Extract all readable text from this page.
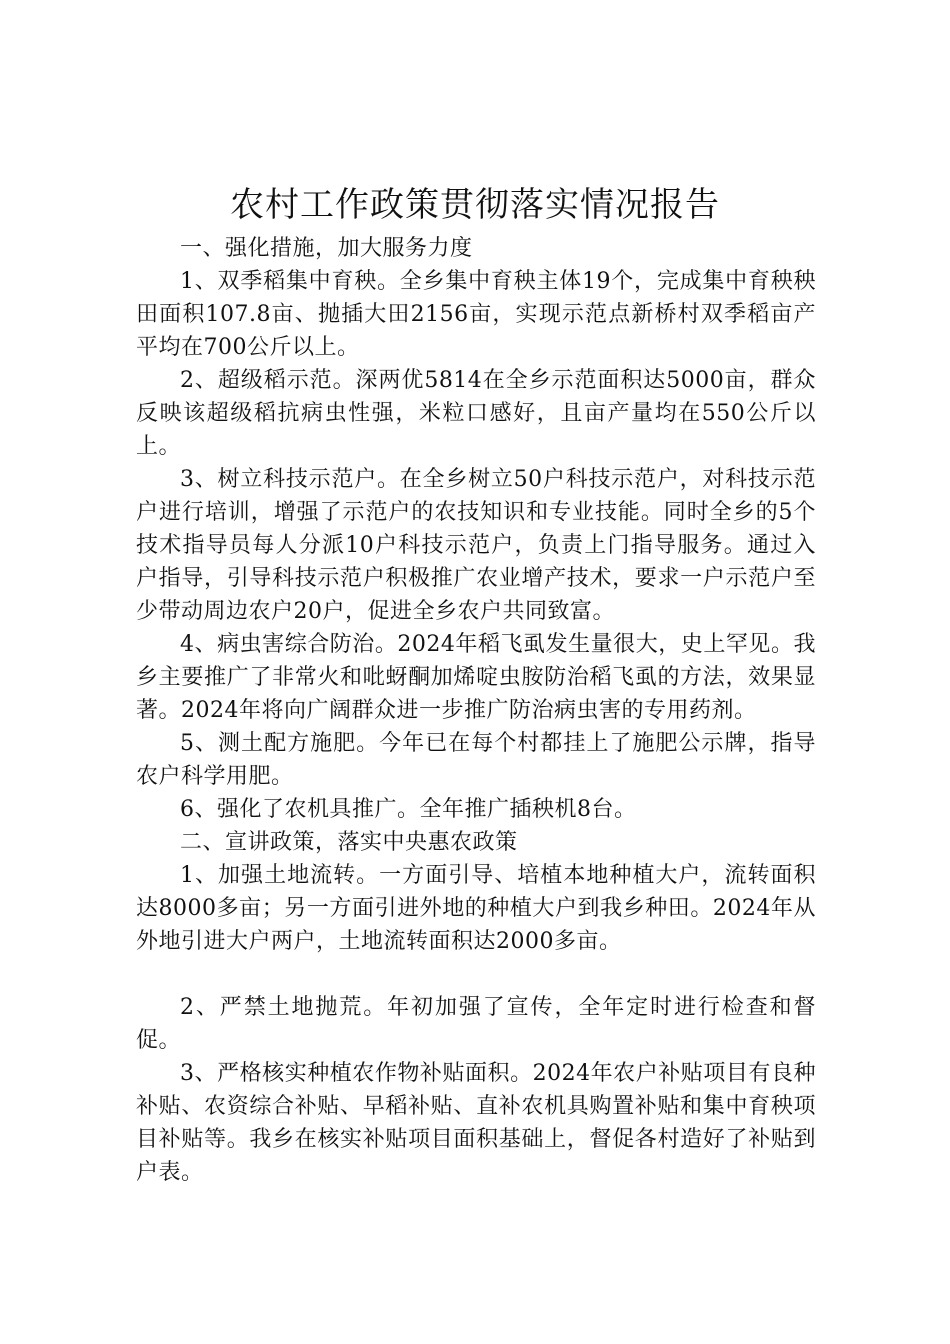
农村工作政策贯彻落实情况报告

一、强化措施，加大服务力度

1、双季稻集中育秧。全乡集中育秧主体19个，完成集中育秧秧田面积107.8亩、抛插大田2156亩，实现示范点新桥村双季稻亩产平均在700公斤以上。

2、超级稻示范。深两优5814在全乡示范面积达5000亩，群众反映该超级稻抗病虫性强，米粒口感好，且亩产量均在550公斤以上。

3、树立科技示范户。在全乡树立50户科技示范户，对科技示范户进行培训，增强了示范户的农技知识和专业技能。同时全乡的5个技术指导员每人分派10户科技示范户，负责上门指导服务。通过入户指导，引导科技示范户积极推广农业增产技术，要求一户示范户至少带动周边农户20户，促进全乡农户共同致富。

4、病虫害综合防治。2024年稻飞虱发生量很大，史上罕见。我乡主要推广了非常火和吡蚜酮加烯啶虫胺防治稻飞虱的方法，效果显著。2024年将向广阔群众进一步推广防治病虫害的专用药剂。

5、测土配方施肥。今年已在每个村都挂上了施肥公示牌，指导农户科学用肥。

6、强化了农机具推广。全年推广插秧机8台。

二、宣讲政策，落实中央惠农政策

1、加强土地流转。一方面引导、培植本地种植大户，流转面积达8000多亩；另一方面引进外地的种植大户到我乡种田。2024年从外地引进大户两户，土地流转面积达2000多亩。

2、严禁土地抛荒。年初加强了宣传，全年定时进行检查和督促。

3、严格核实种植农作物补贴面积。2024年农户补贴项目有良种补贴、农资综合补贴、早稻补贴、直补农机具购置补贴和集中育秧项目补贴等。我乡在核实补贴项目面积基础上，督促各村造好了补贴到户表。
